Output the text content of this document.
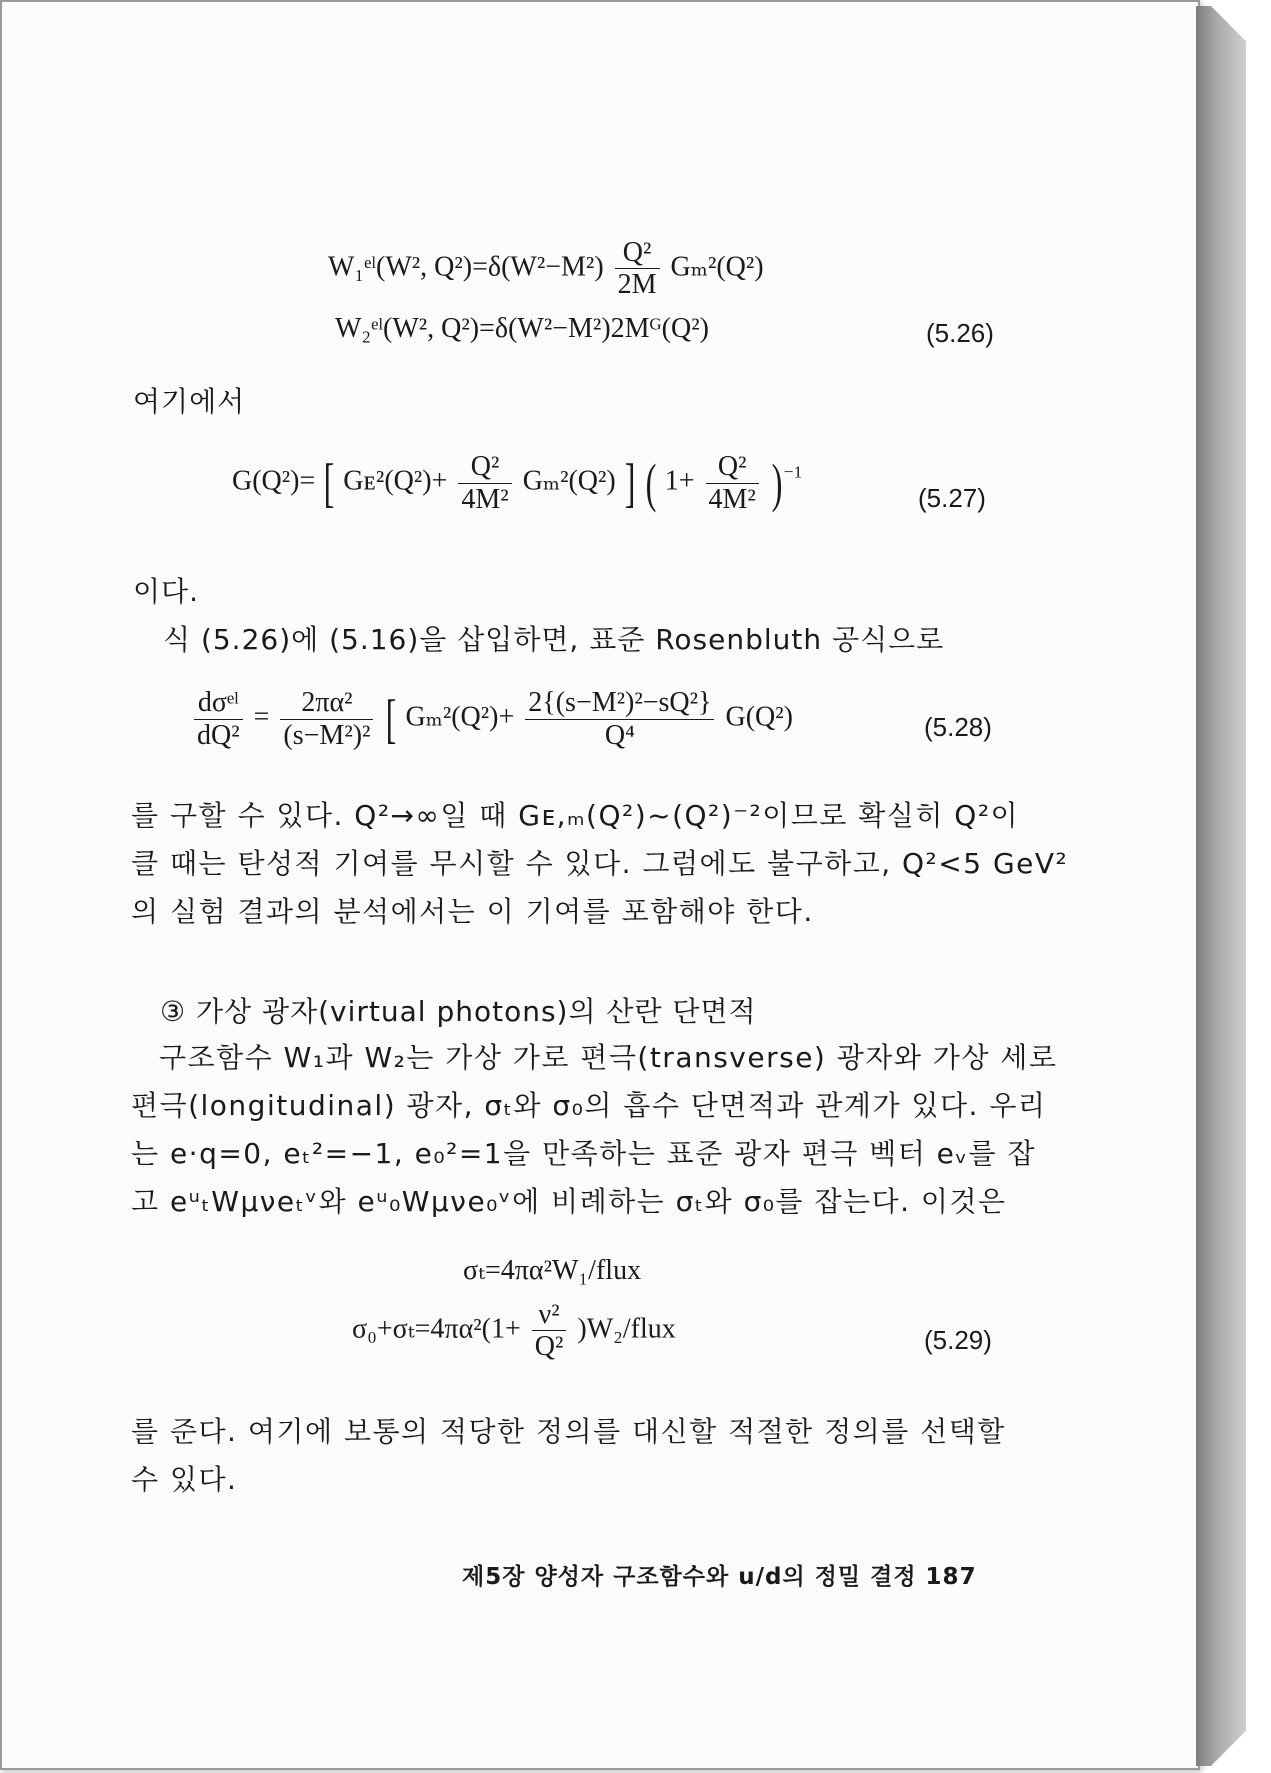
W₁ᵉˡ(W², $Q^2)=\delta(W^2-M^2) \frac{\text{Q²}}{2M} G_m^2(Q^2)$
W₂ᵉˡ(W², Q²)=δ(W²−M²)2Mᴳ(Q²)	(5.26)
여기에서
G(Q²)= [ Gᴇ²(Q²)+ $\frac{\text{Q²}}{\text{4M²}} G_m^2(Q^2)$ ] ( $1+ \frac{\text{Q²}}{\text{4M²}} )^{-1}$
(5.27)
이다.
식 (5.26)에 (5.16)을 삽입하면, 표준 Rosenbluth 공식으로
$\frac{\text{dσᵉˡ}}{\text{dQ²}} = \frac{\text{2πα²}}{\text{(s−M²)²}}$ [ $G_m^2(Q^2)+ \frac{\text{2\{(s−M²)²−sQ²\}}}{\text{Q⁴}} G(Q^2)$	(5.28)
를 구할 수 있다. Q²→∞일 때 Gᴇ,ₘ(Q²)~(Q²)⁻²이므로 확실히 Q²이
클 때는 탄성적 기여를 무시할 수 있다. 그럼에도 불구하고, Q²<5 GeV²
의 실험 결과의 분석에서는 이 기여를 포함해야 한다.
③ 가상 광자(virtual photons)의 산란 단면적
구조함수 W₁과 W₂는 가상 가로 편극(transverse) 광자와 가상 세로
편극(longitudinal) 광자, σₜ와 σ₀의 흡수 단면적과 관계가 있다. 우리
는 e·q=0, eₜ²=−1, e₀²=1을 만족하는 표준 광자 편극 벡터 eᵥ를 잡
고 eᵘₜWμνeₜᵛ와 eᵘ₀Wμνe₀ᵛ에 비례하는 σₜ와 σ₀를 잡는다. 이것은
σₜ=4πα²W₁/flux
$\sigma_0+\sigma_t=4\pi\alpha^2(1+ \frac{\text{ν²}}{\text{Q²}}$ )W₂/flux	(5.29)
를 준다. 여기에 보통의 적당한 정의를 대신할 적절한 정의를 선택할
수 있다.
제5장 양성자 구조함수와 u/d의 정밀 결정 187
